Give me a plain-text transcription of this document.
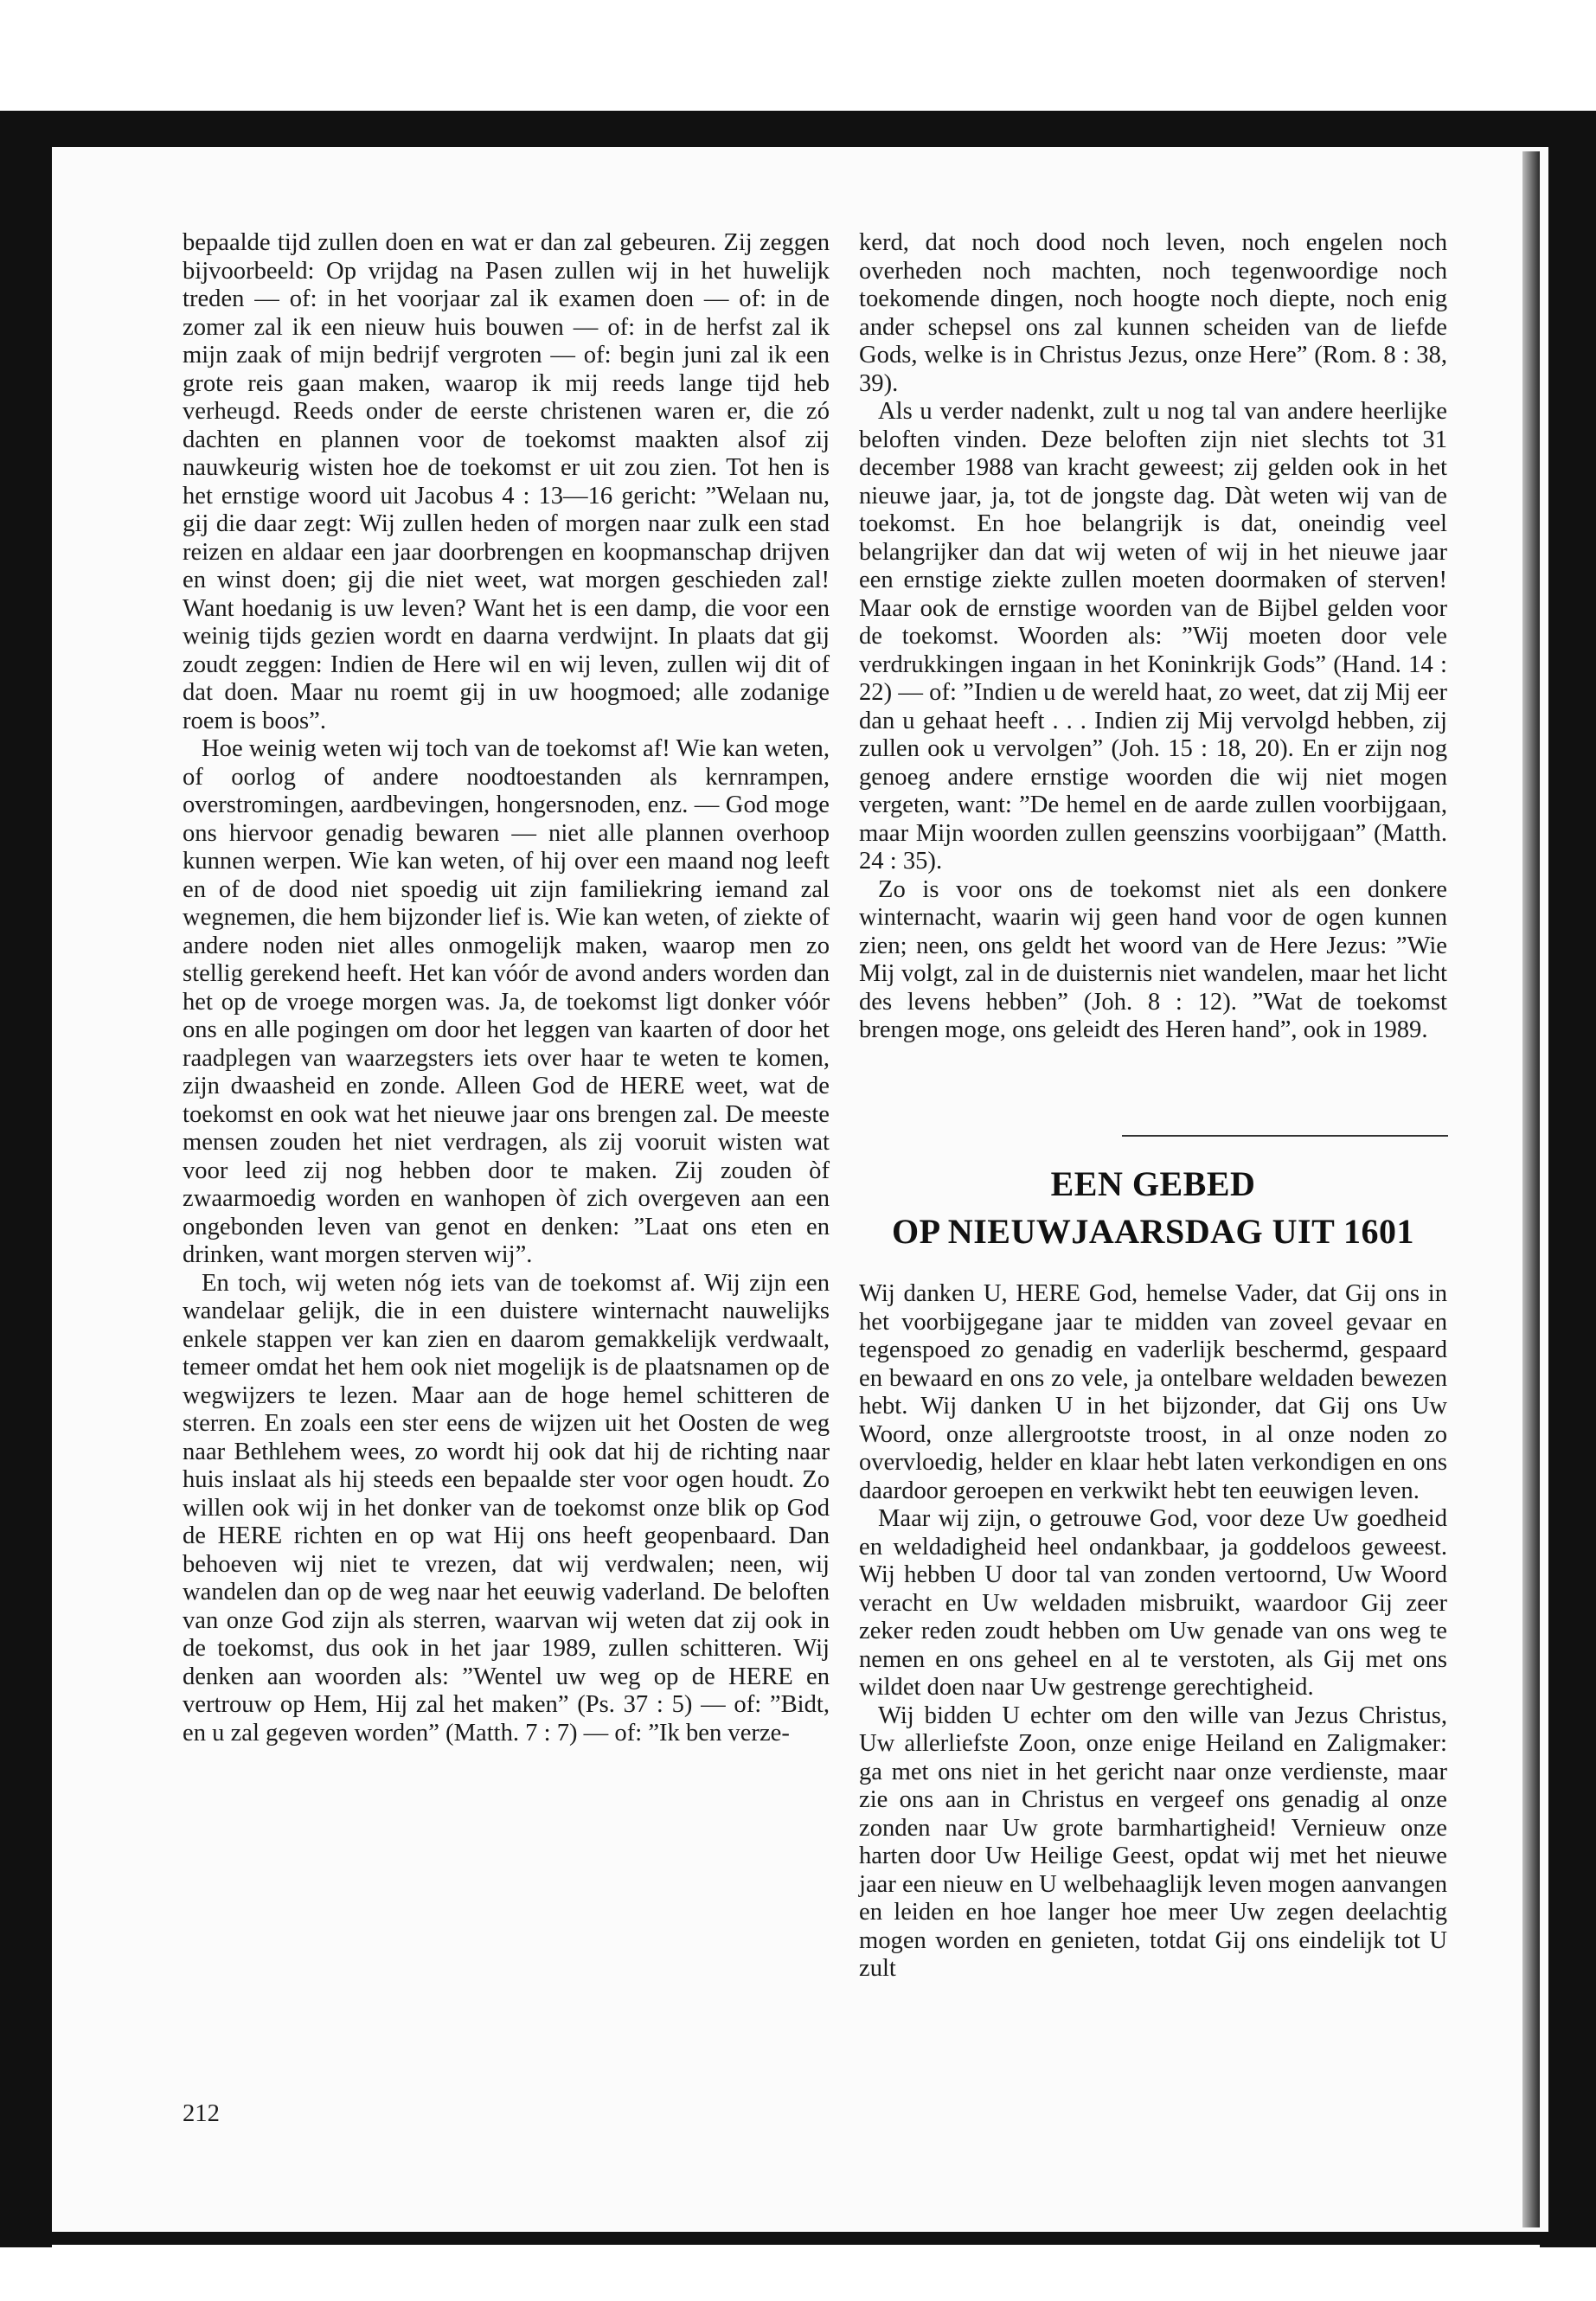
bepaalde tijd zullen doen en wat er dan zal gebeuren. Zij zeggen bijvoorbeeld: Op vrijdag na Pasen zullen wij in het huwelijk treden — of: in het voorjaar zal ik examen doen — of: in de zomer zal ik een nieuw huis bouwen — of: in de herfst zal ik mijn zaak of mijn bedrijf vergroten — of: begin juni zal ik een grote reis gaan maken, waarop ik mij reeds lange tijd heb verheugd. Reeds onder de eerste christenen waren er, die zó dachten en plannen voor de toekomst maakten alsof zij nauwkeurig wisten hoe de toekomst er uit zou zien. Tot hen is het ernstige woord uit Jacobus 4 : 13—16 gericht: ”Welaan nu, gij die daar zegt: Wij zullen heden of morgen naar zulk een stad reizen en aldaar een jaar doorbrengen en koopmanschap drijven en winst doen; gij die niet weet, wat morgen geschieden zal! Want hoedanig is uw leven? Want het is een damp, die voor een weinig tijds gezien wordt en daarna verdwijnt. In plaats dat gij zoudt zeggen: Indien de Here wil en wij leven, zullen wij dit of dat doen. Maar nu roemt gij in uw hoogmoed; alle zodanige roem is boos”.

Hoe weinig weten wij toch van de toekomst af! Wie kan weten, of oorlog of andere noodtoestanden als kernrampen, overstromingen, aardbevingen, hongersnoden, enz. — God moge ons hiervoor genadig bewaren — niet alle plannen overhoop kunnen werpen. Wie kan weten, of hij over een maand nog leeft en of de dood niet spoedig uit zijn familiekring iemand zal wegnemen, die hem bijzonder lief is. Wie kan weten, of ziekte of andere noden niet alles onmogelijk maken, waarop men zo stellig gerekend heeft. Het kan vóór de avond anders worden dan het op de vroege morgen was. Ja, de toekomst ligt donker vóór ons en alle pogingen om door het leggen van kaarten of door het raadplegen van waarzegsters iets over haar te weten te komen, zijn dwaasheid en zonde. Alleen God de HERE weet, wat de toekomst en ook wat het nieuwe jaar ons brengen zal. De meeste mensen zouden het niet verdragen, als zij vooruit wisten wat voor leed zij nog hebben door te maken. Zij zouden òf zwaarmoedig worden en wanhopen òf zich overgeven aan een ongebonden leven van genot en denken: ”Laat ons eten en drinken, want morgen sterven wij”.

En toch, wij weten nóg iets van de toekomst af. Wij zijn een wandelaar gelijk, die in een duistere winternacht nauwelijks enkele stappen ver kan zien en daarom gemakkelijk verdwaalt, temeer omdat het hem ook niet mogelijk is de plaatsnamen op de wegwijzers te lezen. Maar aan de hoge hemel schitteren de sterren. En zoals een ster eens de wijzen uit het Oosten de weg naar Bethlehem wees, zo wordt hij ook dat hij de richting naar huis inslaat als hij steeds een bepaalde ster voor ogen houdt. Zo willen ook wij in het donker van de toekomst onze blik op God de HERE richten en op wat Hij ons heeft geopenbaard. Dan behoeven wij niet te vrezen, dat wij verdwalen; neen, wij wandelen dan op de weg naar het eeuwig vaderland. De beloften van onze God zijn als sterren, waarvan wij weten dat zij ook in de toekomst, dus ook in het jaar 1989, zullen schitteren. Wij denken aan woorden als: ”Wentel uw weg op de HERE en vertrouw op Hem, Hij zal het maken” (Ps. 37 : 5) — of: ”Bidt, en u zal gegeven worden” (Matth. 7 : 7) — of: ”Ik ben verze-

212

kerd, dat noch dood noch leven, noch engelen noch overheden noch machten, noch tegenwoordige noch toekomende dingen, noch hoogte noch diepte, noch enig ander schepsel ons zal kunnen scheiden van de liefde Gods, welke is in Christus Jezus, onze Here” (Rom. 8 : 38, 39).

Als u verder nadenkt, zult u nog tal van andere heerlijke beloften vinden. Deze beloften zijn niet slechts tot 31 december 1988 van kracht geweest; zij gelden ook in het nieuwe jaar, ja, tot de jongste dag. Dàt weten wij van de toekomst. En hoe belangrijk is dat, oneindig veel belangrijker dan dat wij weten of wij in het nieuwe jaar een ernstige ziekte zullen moeten doormaken of sterven! Maar ook de ernstige woorden van de Bijbel gelden voor de toekomst. Woorden als: ”Wij moeten door vele verdrukkingen ingaan in het Koninkrijk Gods” (Hand. 14 : 22) — of: ”Indien u de wereld haat, zo weet, dat zij Mij eer dan u gehaat heeft . . . Indien zij Mij vervolgd hebben, zij zullen ook u vervolgen” (Joh. 15 : 18, 20). En er zijn nog genoeg andere ernstige woorden die wij niet mogen vergeten, want: ”De hemel en de aarde zullen voorbijgaan, maar Mijn woorden zullen geenszins voorbijgaan” (Matth. 24 : 35).

Zo is voor ons de toekomst niet als een donkere winternacht, waarin wij geen hand voor de ogen kunnen zien; neen, ons geldt het woord van de Here Jezus: ”Wie Mij volgt, zal in de duisternis niet wandelen, maar het licht des levens hebben” (Joh. 8 : 12). ”Wat de toekomst brengen moge, ons geleidt des Heren hand”, ook in 1989.

EEN GEBED
OP NIEUWJAARSDAG UIT 1601

Wij danken U, HERE God, hemelse Vader, dat Gij ons in het voorbijgegane jaar te midden van zoveel gevaar en tegenspoed zo genadig en vaderlijk beschermd, gespaard en bewaard en ons zo vele, ja ontelbare weldaden bewezen hebt. Wij danken U in het bijzonder, dat Gij ons Uw Woord, onze allergrootste troost, in al onze noden zo overvloedig, helder en klaar hebt laten verkondigen en ons daardoor geroepen en verkwikt hebt ten eeuwigen leven.

Maar wij zijn, o getrouwe God, voor deze Uw goedheid en weldadigheid heel ondankbaar, ja goddeloos geweest. Wij hebben U door tal van zonden vertoornd, Uw Woord veracht en Uw weldaden misbruikt, waardoor Gij zeer zeker reden zoudt hebben om Uw genade van ons weg te nemen en ons geheel en al te verstoten, als Gij met ons wildet doen naar Uw gestrenge gerechtigheid.

Wij bidden U echter om den wille van Jezus Christus, Uw allerliefste Zoon, onze enige Heiland en Zaligmaker: ga met ons niet in het gericht naar onze verdienste, maar zie ons aan in Christus en vergeef ons genadig al onze zonden naar Uw grote barmhartigheid! Vernieuw onze harten door Uw Heilige Geest, opdat wij met het nieuwe jaar een nieuw en U welbehaaglijk leven mogen aanvangen en leiden en hoe langer hoe meer Uw zegen deelachtig mogen worden en genieten, totdat Gij ons eindelijk tot U zult
